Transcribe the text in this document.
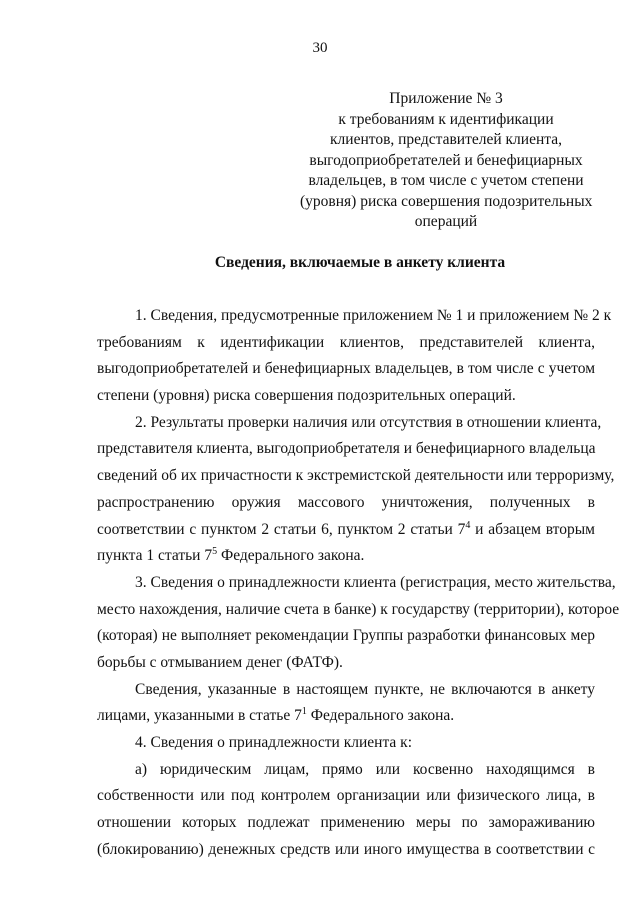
30
Приложение № 3
к требованиям к идентификации
клиентов, представителей клиента,
выгодоприобретателей и бенефициарных
владельцев, в том числе с учетом степени
(уровня) риска совершения подозрительных
операций
Сведения, включаемые в анкету клиента
1. Сведения, предусмотренные приложением № 1 и приложением № 2 к
требованиям к идентификации клиентов, представителей клиента,
выгодоприобретателей и бенефициарных владельцев, в том числе с учетом
степени (уровня) риска совершения подозрительных операций.
2. Результаты проверки наличия или отсутствия в отношении клиента,
представителя клиента, выгодоприобретателя и бенефициарного владельца
сведений об их причастности к экстремистской деятельности или терроризму,
распространению оружия массового уничтожения, полученных в
соответствии с пунктом 2 статьи 6, пунктом 2 статьи $7^4$ и абзацем вторым
пункта 1 статьи $7^5$ Федерального закона.
3. Сведения о принадлежности клиента (регистрация, место жительства,
место нахождения, наличие счета в банке) к государству (территории), которое
(которая) не выполняет рекомендации Группы разработки финансовых мер
борьбы с отмыванием денег (ФАТФ).
Сведения, указанные в настоящем пункте, не включаются в анкету
лицами, указанными в статье $7^1$ Федерального закона.
4. Сведения о принадлежности клиента к:
а) юридическим лицам, прямо или косвенно находящимся в
собственности или под контролем организации или физического лица, в
отношении которых подлежат применению меры по замораживанию
(блокированию) денежных средств или иного имущества в соответствии с
